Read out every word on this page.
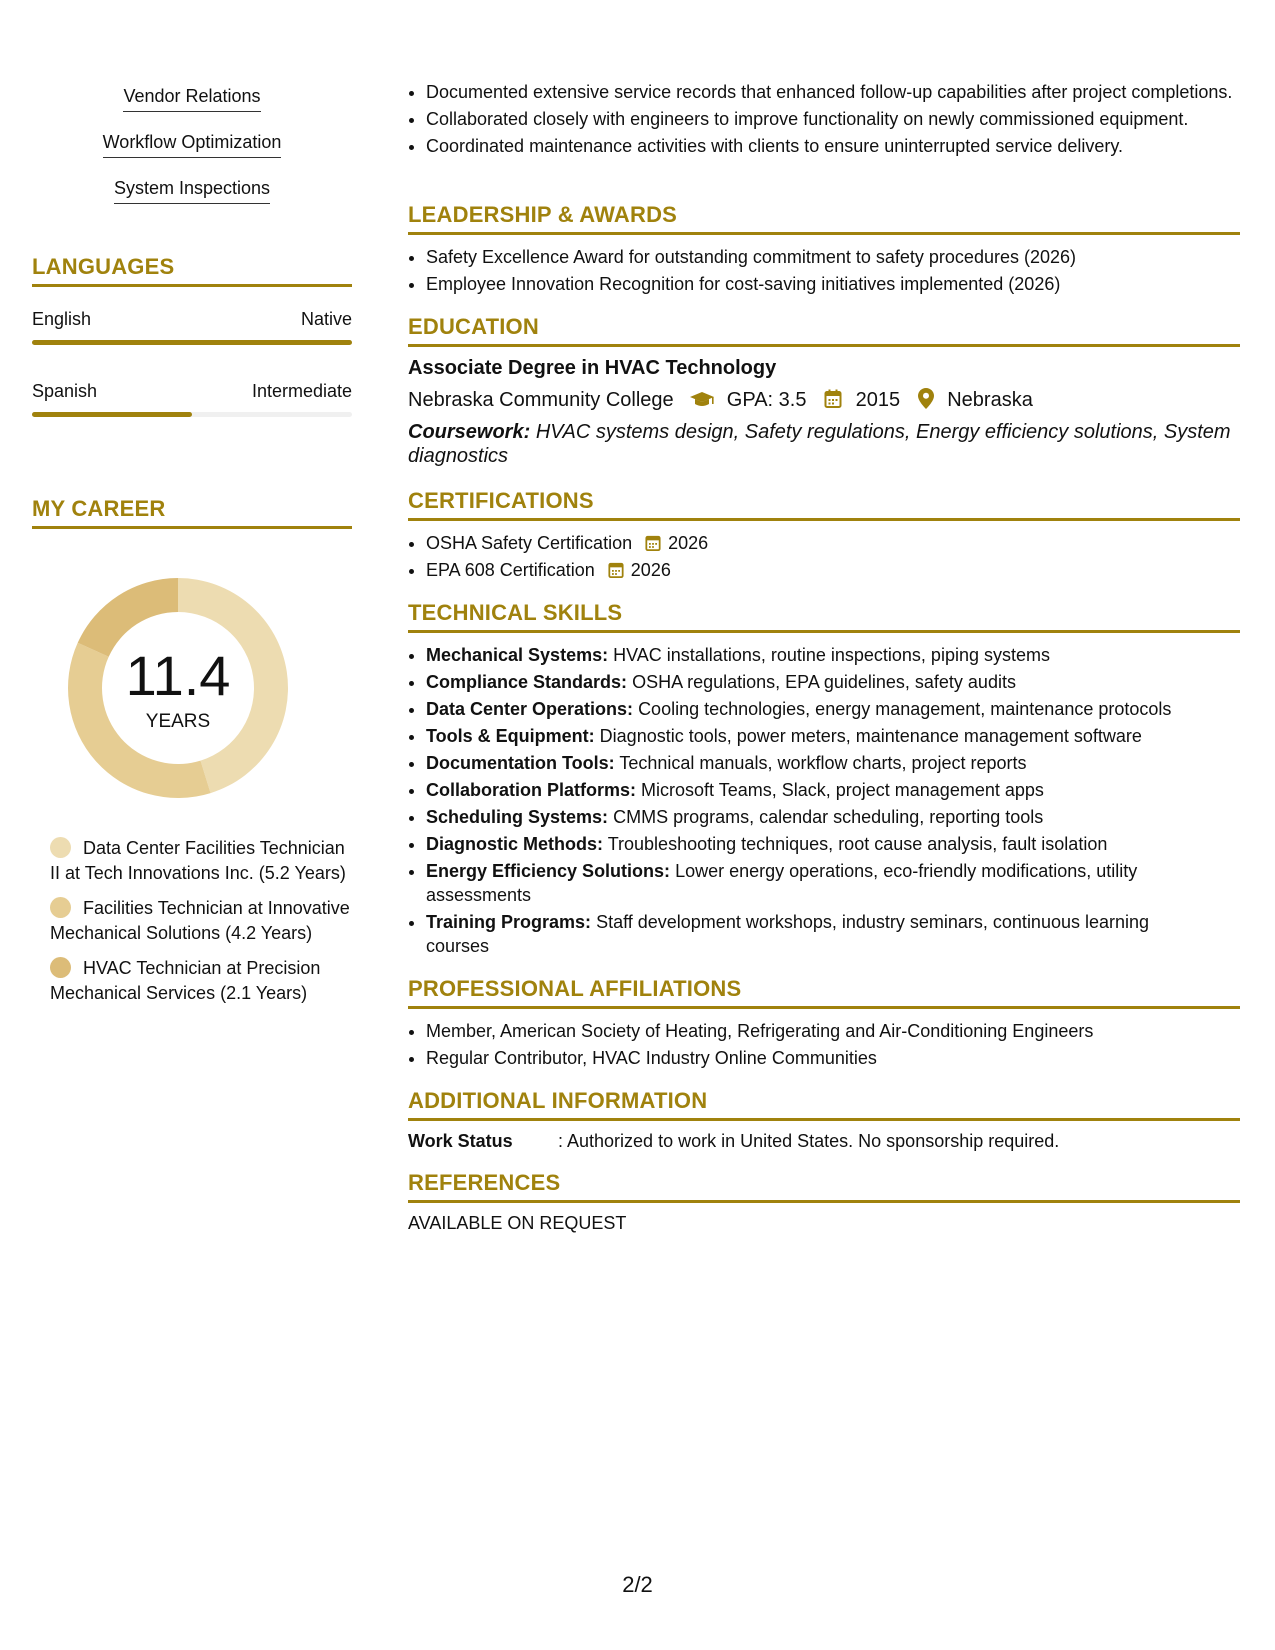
Vendor Relations
Workflow Optimization
System Inspections
LANGUAGES
English	Native
Spanish	Intermediate
MY CAREER
11.4
YEARS
Data Center Facilities Technician II at Tech Innovations Inc. (5.2 Years)
Facilities Technician at Innovative Mechanical Solutions (4.2 Years)
HVAC Technician at Precision Mechanical Services (2.1 Years)
• Documented extensive service records that enhanced follow-up capabilities after project completions.
• Collaborated closely with engineers to improve functionality on newly commissioned equipment.
• Coordinated maintenance activities with clients to ensure uninterrupted service delivery.
LEADERSHIP & AWARDS
• Safety Excellence Award for outstanding commitment to safety procedures (2026)
• Employee Innovation Recognition for cost-saving initiatives implemented (2026)
EDUCATION
Associate Degree in HVAC Technology
Nebraska Community College	GPA: 3.5 2015 Nebraska
Coursework: HVAC systems design, Safety regulations, Energy efficiency solutions, System diagnostics
CERTIFICATIONS
• OSHA Safety Certification 2026
• EPA 608 Certification 2026
TECHNICAL SKILLS
• Mechanical Systems: HVAC installations, routine inspections, piping systems
• Compliance Standards: OSHA regulations, EPA guidelines, safety audits
• Data Center Operations: Cooling technologies, energy management, maintenance protocols
• Tools & Equipment: Diagnostic tools, power meters, maintenance management software
• Documentation Tools: Technical manuals, workflow charts, project reports
• Collaboration Platforms: Microsoft Teams, Slack, project management apps
• Scheduling Systems: CMMS programs, calendar scheduling, reporting tools
• Diagnostic Methods: Troubleshooting techniques, root cause analysis, fault isolation
• Energy Efficiency Solutions: Lower energy operations, eco-friendly modifications, utility assessments
• Training Programs: Staff development workshops, industry seminars, continuous learning courses
PROFESSIONAL AFFILIATIONS
• Member, American Society of Heating, Refrigerating and Air-Conditioning Engineers
• Regular Contributor, HVAC Industry Online Communities
ADDITIONAL INFORMATION
Work Status	: Authorized to work in United States. No sponsorship required.
REFERENCES
AVAILABLE ON REQUEST
2/2
